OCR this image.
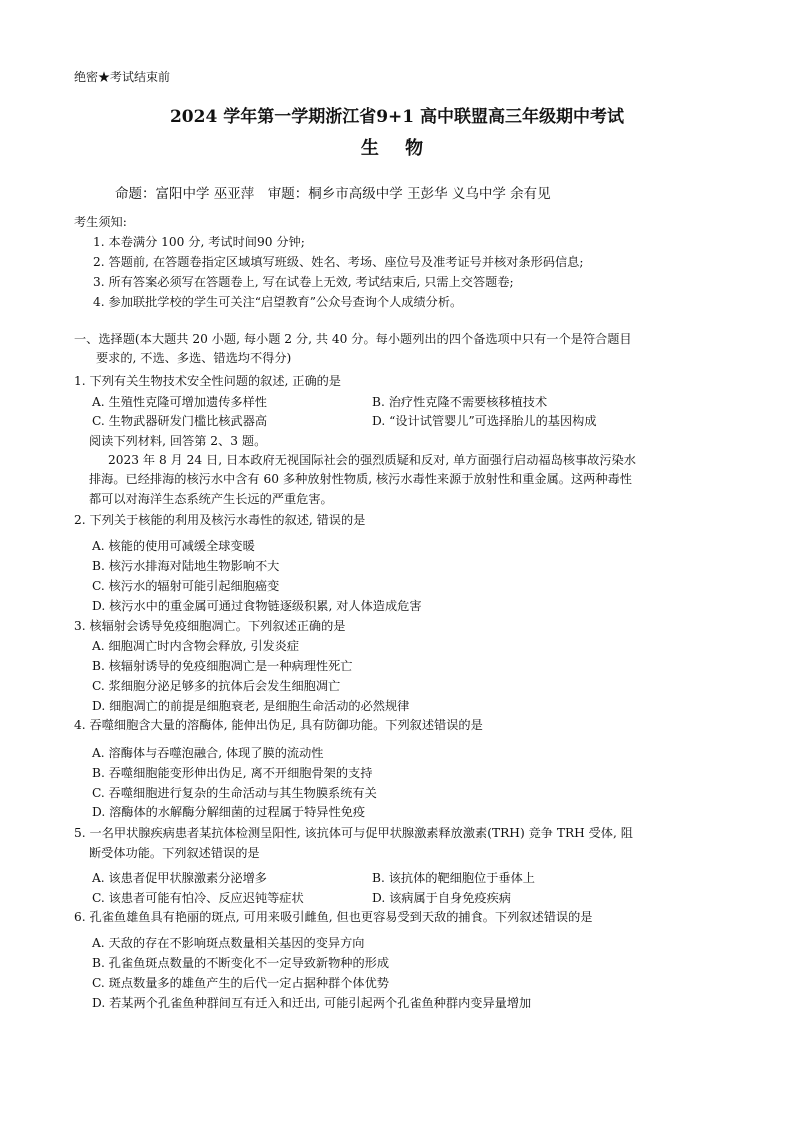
绝密★考试结束前
2024 学年第一学期浙江省9+1 高中联盟高三年级期中考试
生 物
命题：富阳中学 巫亚萍　审题：桐乡市高级中学 王彭华 义乌中学 余有见
考生须知:
1. 本卷满分 100 分, 考试时间90 分钟;
2. 答题前, 在答题卷指定区域填写班级、姓名、考场、座位号及准考证号并核对条形码信息;
3. 所有答案必须写在答题卷上, 写在试卷上无效, 考试结束后, 只需上交答题卷;
4. 参加联批学校的学生可关注“启望教育”公众号查询个人成绩分析。
一、选择题(本大题共 20 小题, 每小题 2 分, 共 40 分。每小题列出的四个备选项中只有一个是符合题目
要求的, 不选、多选、错选均不得分)
1. 下列有关生物技术安全性问题的叙述, 正确的是
A. 生殖性克隆可增加遗传多样性	B. 治疗性克隆不需要核移植技术
C. 生物武器研发门槛比核武器高	D. “设计试管婴儿”可选择胎儿的基因构成
阅读下列材料, 回答第 2、3 题。
2023 年 8 月 24 日, 日本政府无视国际社会的强烈质疑和反对, 单方面强行启动福岛核事故污染水
排海。已经排海的核污水中含有 60 多种放射性物质, 核污水毒性来源于放射性和重金属。这两种毒性
都可以对海洋生态系统产生长远的严重危害。
2. 下列关于核能的利用及核污水毒性的叙述, 错误的是
A. 核能的使用可减缓全球变暖
B. 核污水排海对陆地生物影响不大
C. 核污水的辐射可能引起细胞癌变
D. 核污水中的重金属可通过食物链逐级积累, 对人体造成危害
3. 核辐射会诱导免疫细胞凋亡。下列叙述正确的是
A. 细胞凋亡时内含物会释放, 引发炎症
B. 核辐射诱导的免疫细胞凋亡是一种病理性死亡
C. 浆细胞分泌足够多的抗体后会发生细胞凋亡
D. 细胞凋亡的前提是细胞衰老, 是细胞生命活动的必然规律
4. 吞噬细胞含大量的溶酶体, 能伸出伪足, 具有防御功能。下列叙述错误的是
A. 溶酶体与吞噬泡融合, 体现了膜的流动性
B. 吞噬细胞能变形伸出伪足, 离不开细胞骨架的支持
C. 吞噬细胞进行复杂的生命活动与其生物膜系统有关
D. 溶酶体的水解酶分解细菌的过程属于特异性免疫
5. 一名甲状腺疾病患者某抗体检测呈阳性, 该抗体可与促甲状腺激素释放激素(TRH) 竞争 TRH 受体, 阻
断受体功能。下列叙述错误的是
A. 该患者促甲状腺激素分泌增多	B. 该抗体的靶细胞位于垂体上
C. 该患者可能有怕冷、反应迟钝等症状	D. 该病属于自身免疫疾病
6. 孔雀鱼雄鱼具有艳丽的斑点, 可用来吸引雌鱼, 但也更容易受到天敌的捕食。下列叙述错误的是
A. 天敌的存在不影响斑点数量相关基因的变异方向
B. 孔雀鱼斑点数量的不断变化不一定导致新物种的形成
C. 斑点数量多的雄鱼产生的后代一定占据种群个体优势
D. 若某两个孔雀鱼种群间互有迁入和迁出, 可能引起两个孔雀鱼种群内变异量增加
